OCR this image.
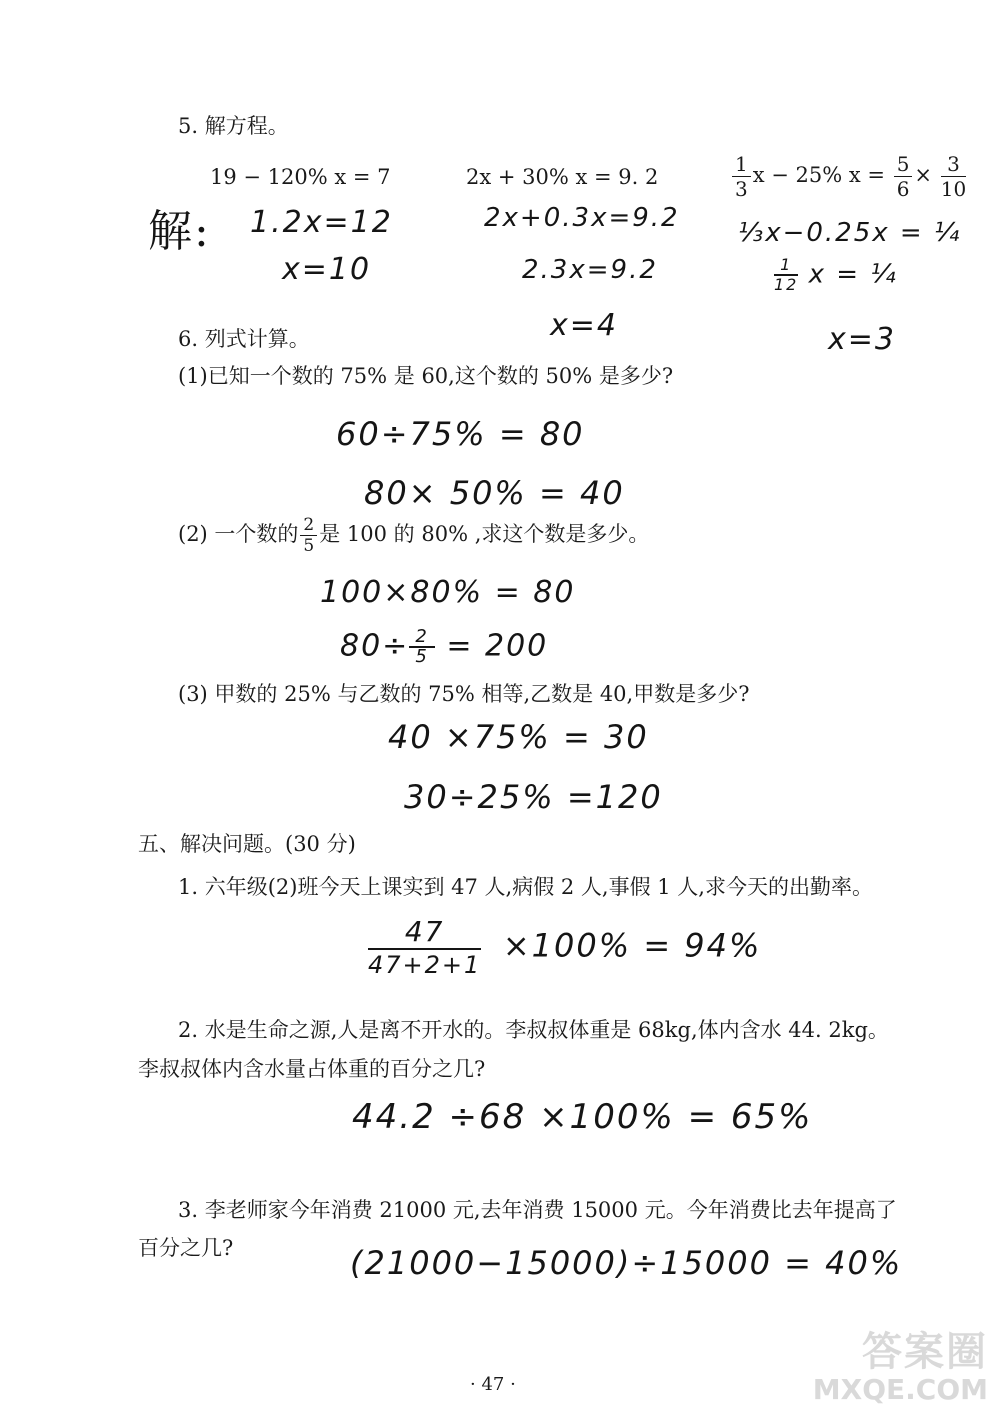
5. 解方程。
19 − 120% x = 7	2x + 30% x = 9. 2	$\frac{1}{3}$ x − 25% $x = \frac{5}{6} \times \frac{3}{10}$
解: 1.2x=12
x=10
2x+0.3x=9.2
2.3x=9.2
x=4
⅓x−0.25x = ¼
$\frac{1}{12}$ x = ¼
x=3
6. 列式计算。
(1)已知一个数的 75% 是 60,这个数的 50% 是多少?
60÷75% = 80
80× 50% = 40
(2) 一个数的 $\frac{2}{5}$ 是 100 的 80% ,求这个数是多少。
100×80% = 80
$80\div \frac{2}{5} = 200$
(3) 甲数的 25% 与乙数的 75% 相等,乙数是 40,甲数是多少?
40 ×75% = 30
30÷25% =120
五、解决问题。(30 分)
1. 六年级(2)班今天上课实到 47 人,病假 2 人,事假 1 人,求今天的出勤率。
$\frac{47}{47+2+1} \times 100\% = 94\%$
2. 水是生命之源,人是离不开水的。李叔叔体重是 68kg,体内含水 44. 2kg。
李叔叔体内含水量占体重的百分之几?
44.2 ÷68 ×100% = 65%
3. 李老师家今年消费 21000 元,去年消费 15000 元。今年消费比去年提高了
百分之几?	(21000−15000)÷15000 = 40%
· 47 ·
答案圈
MXQE.COM
